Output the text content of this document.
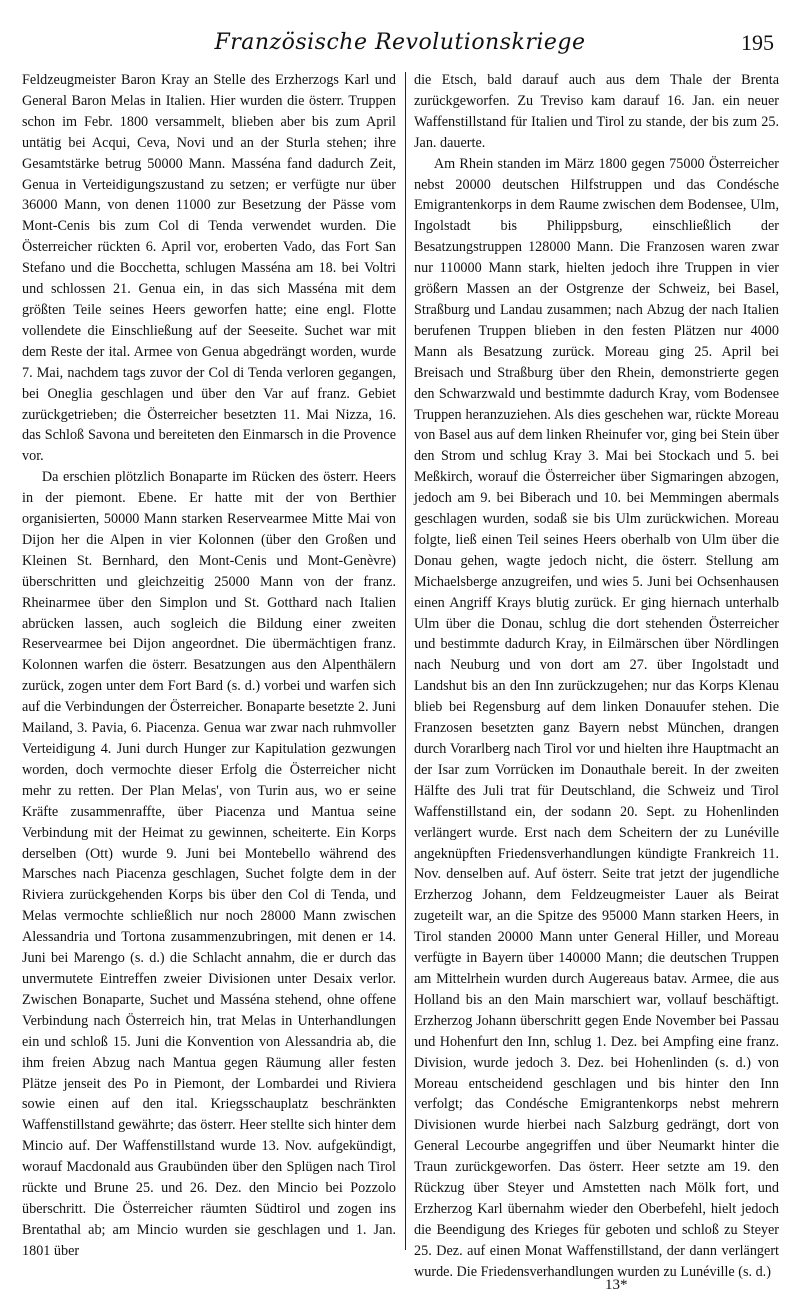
Französische Revolutionskriege	195

Feldzeugmeister Baron Kray an Stelle des Erzherzogs Karl und General Baron Melas in Italien. Hier wurden die österr. Truppen schon im Febr. 1800 versammelt, blieben aber bis zum April untätig bei Acqui, Ceva, Novi und an der Sturla stehen; ihre Gesamtstärke betrug 50000 Mann. Masséna fand dadurch Zeit, Genua in Verteidigungszustand zu setzen; er verfügte nur über 36000 Mann, von denen 11000 zur Besetzung der Pässe vom Mont-Cenis bis zum Col di Tenda verwendet wurden. Die Österreicher rückten 6. April vor, eroberten Vado, das Fort San Stefano und die Bocchetta, schlugen Masséna am 18. bei Voltri und schlossen 21. Genua ein, in das sich Masséna mit dem größten Teile seines Heers geworfen hatte; eine engl. Flotte vollendete die Einschließung auf der Seeseite. Suchet war mit dem Reste der ital. Armee von Genua abgedrängt worden, wurde 7. Mai, nachdem tags zuvor der Col di Tenda verloren gegangen, bei Oneglia geschlagen und über den Var auf franz. Gebiet zurückgetrieben; die Österreicher besetzten 11. Mai Nizza, 16. das Schloß Savona und bereiteten den Einmarsch in die Provence vor.

Da erschien plötzlich Bonaparte im Rücken des österr. Heers in der piemont. Ebene. Er hatte mit der von Berthier organisierten, 50000 Mann starken Reservearmee Mitte Mai von Dijon her die Alpen in vier Kolonnen (über den Großen und Kleinen St. Bernhard, den Mont-Cenis und Mont-Genèvre) überschritten und gleichzeitig 25000 Mann von der franz. Rheinarmee über den Simplon und St. Gotthard nach Italien abrücken lassen, auch sogleich die Bildung einer zweiten Reservearmee bei Dijon angeordnet. Die übermächtigen franz. Kolonnen warfen die österr. Besatzungen aus den Alpenthälern zurück, zogen unter dem Fort Bard (s. d.) vorbei und warfen sich auf die Verbindungen der Österreicher. Bonaparte besetzte 2. Juni Mailand, 3. Pavia, 6. Piacenza. Genua war zwar nach ruhmvoller Verteidigung 4. Juni durch Hunger zur Kapitulation gezwungen worden, doch vermochte dieser Erfolg die Österreicher nicht mehr zu retten. Der Plan Melas', von Turin aus, wo er seine Kräfte zusammenraffte, über Piacenza und Mantua seine Verbindung mit der Heimat zu gewinnen, scheiterte. Ein Korps derselben (Ott) wurde 9. Juni bei Montebello während des Marsches nach Piacenza geschlagen, Suchet folgte dem in der Riviera zurückgehenden Korps bis über den Col di Tenda, und Melas vermochte schließlich nur noch 28000 Mann zwischen Alessandria und Tortona zusammenzubringen, mit denen er 14. Juni bei Marengo (s. d.) die Schlacht annahm, die er durch das unvermutete Eintreffen zweier Divisionen unter Desaix verlor. Zwischen Bonaparte, Suchet und Masséna stehend, ohne offene Verbindung nach Österreich hin, trat Melas in Unterhandlungen ein und schloß 15. Juni die Konvention von Alessandria ab, die ihm freien Abzug nach Mantua gegen Räumung aller festen Plätze jenseit des Po in Piemont, der Lombardei und Riviera sowie einen auf den ital. Kriegsschauplatz beschränkten Waffenstillstand gewährte; das österr. Heer stellte sich hinter dem Mincio auf. Der Waffenstillstand wurde 13. Nov. aufgekündigt, worauf Macdonald aus Graubünden über den Splügen nach Tirol rückte und Brune 25. und 26. Dez. den Mincio bei Pozzolo überschritt. Die Österreicher räumten Südtirol und zogen ins Brentathal ab; am Mincio wurden sie geschlagen und 1. Jan. 1801 über

die Etsch, bald darauf auch aus dem Thale der Brenta zurückgeworfen. Zu Treviso kam darauf 16. Jan. ein neuer Waffenstillstand für Italien und Tirol zu stande, der bis zum 25. Jan. dauerte.

Am Rhein standen im März 1800 gegen 75000 Österreicher nebst 20000 deutschen Hilfstruppen und das Condésche Emigrantenkorps in dem Raume zwischen dem Bodensee, Ulm, Ingolstadt bis Philippsburg, einschließlich der Besatzungstruppen 128000 Mann. Die Franzosen waren zwar nur 110000 Mann stark, hielten jedoch ihre Truppen in vier größern Massen an der Ostgrenze der Schweiz, bei Basel, Straßburg und Landau zusammen; nach Abzug der nach Italien berufenen Truppen blieben in den festen Plätzen nur 4000 Mann als Besatzung zurück. Moreau ging 25. April bei Breisach und Straßburg über den Rhein, demonstrierte gegen den Schwarzwald und bestimmte dadurch Kray, vom Bodensee Truppen heranzuziehen. Als dies geschehen war, rückte Moreau von Basel aus auf dem linken Rheinufer vor, ging bei Stein über den Strom und schlug Kray 3. Mai bei Stockach und 5. bei Meßkirch, worauf die Österreicher über Sigmaringen abzogen, jedoch am 9. bei Biberach und 10. bei Memmingen abermals geschlagen wurden, sodaß sie bis Ulm zurückwichen. Moreau folgte, ließ einen Teil seines Heers oberhalb von Ulm über die Donau gehen, wagte jedoch nicht, die österr. Stellung am Michaelsberge anzugreifen, und wies 5. Juni bei Ochsenhausen einen Angriff Krays blutig zurück. Er ging hiernach unterhalb Ulm über die Donau, schlug die dort stehenden Österreicher und bestimmte dadurch Kray, in Eilmärschen über Nördlingen nach Neuburg und von dort am 27. über Ingolstadt und Landshut bis an den Inn zurückzugehen; nur das Korps Klenau blieb bei Regensburg auf dem linken Donauufer stehen. Die Franzosen besetzten ganz Bayern nebst München, drangen durch Vorarlberg nach Tirol vor und hielten ihre Hauptmacht an der Isar zum Vorrücken im Donauthale bereit. In der zweiten Hälfte des Juli trat für Deutschland, die Schweiz und Tirol Waffenstillstand ein, der sodann 20. Sept. zu Hohenlinden verlängert wurde. Erst nach dem Scheitern der zu Lunéville angeknüpften Friedensverhandlungen kündigte Frankreich 11. Nov. denselben auf. Auf österr. Seite trat jetzt der jugendliche Erzherzog Johann, dem Feldzeugmeister Lauer als Beirat zugeteilt war, an die Spitze des 95000 Mann starken Heers, in Tirol standen 20000 Mann unter General Hiller, und Moreau verfügte in Bayern über 140000 Mann; die deutschen Truppen am Mittelrhein wurden durch Augereaus batav. Armee, die aus Holland bis an den Main marschiert war, vollauf beschäftigt. Erzherzog Johann überschritt gegen Ende November bei Passau und Hohenfurt den Inn, schlug 1. Dez. bei Ampfing eine franz. Division, wurde jedoch 3. Dez. bei Hohenlinden (s. d.) von Moreau entscheidend geschlagen und bis hinter den Inn verfolgt; das Condésche Emigrantenkorps nebst mehrern Divisionen wurde hierbei nach Salzburg gedrängt, dort von General Lecourbe angegriffen und über Neumarkt hinter die Traun zurückgeworfen. Das österr. Heer setzte am 19. den Rückzug über Steyer und Amstetten nach Mölk fort, und Erzherzog Karl übernahm wieder den Oberbefehl, hielt jedoch die Beendigung des Krieges für geboten und schloß zu Steyer 25. Dez. auf einen Monat Waffenstillstand, der dann verlängert wurde. Die Friedensverhandlungen wurden zu Lunéville (s. d.)

13*
